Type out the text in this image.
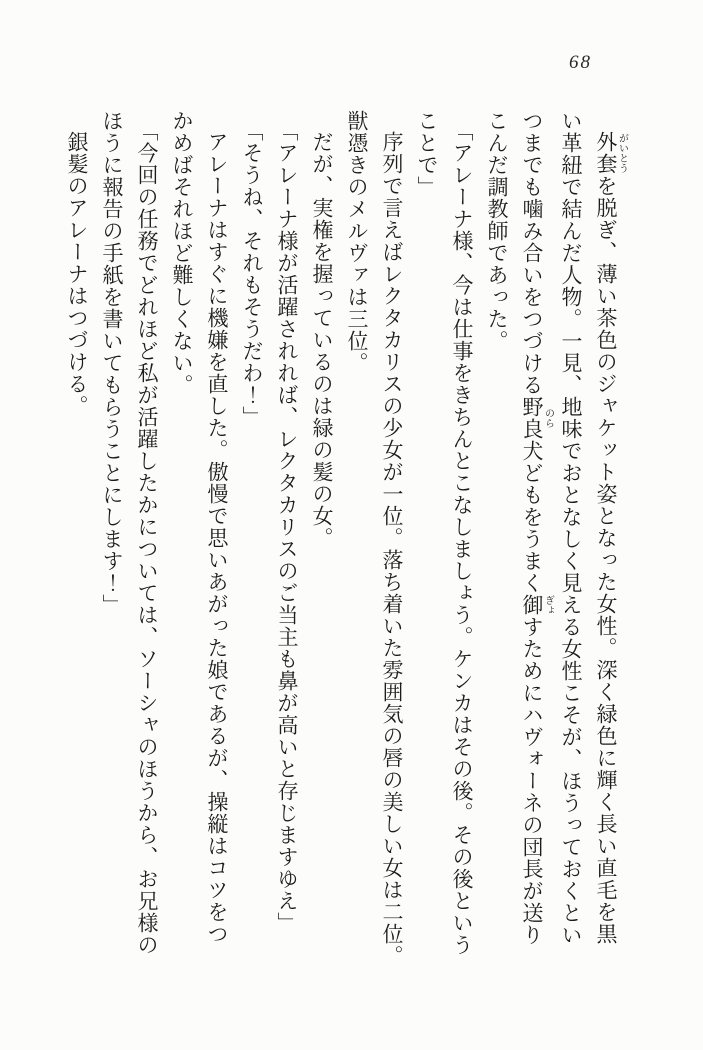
68

外套がいとうを脱ぎ、薄い茶色のジャケット姿となった女性。深く緑色に輝く長い直毛を黒

い革紐で結んだ人物。一見、地味でおとなしく見える女性こそが、ほうっておくとい

つまでも噛み合いをつづける野良のら犬どもをうまく御ぎょすためにハヴォーネの団長が送り

こんだ調教師であった。

「アレーナ様、今は仕事をきちんとこなしましょう。ケンカはその後。その後という

ことで」

序列で言えばレクタカリスの少女が一位。落ち着いた雰囲気の唇の美しい女は二位。

獣憑きのメルヴァは三位。

だが、実権を握っているのは緑の髪の女。

「アレーナ様が活躍されれば、レクタカリスのご当主も鼻が高いと存じますゆえ」

「そうね、それもそうだわ！」

アレーナはすぐに機嫌を直した。傲慢で思いあがった娘であるが、操縦はコツをつ

かめばそれほど難しくない。

「今回の任務でどれほど私が活躍したかについては、ソーシャのほうから、お兄様の

ほうに報告の手紙を書いてもらうことにします！」

銀髪のアレーナはつづける。
